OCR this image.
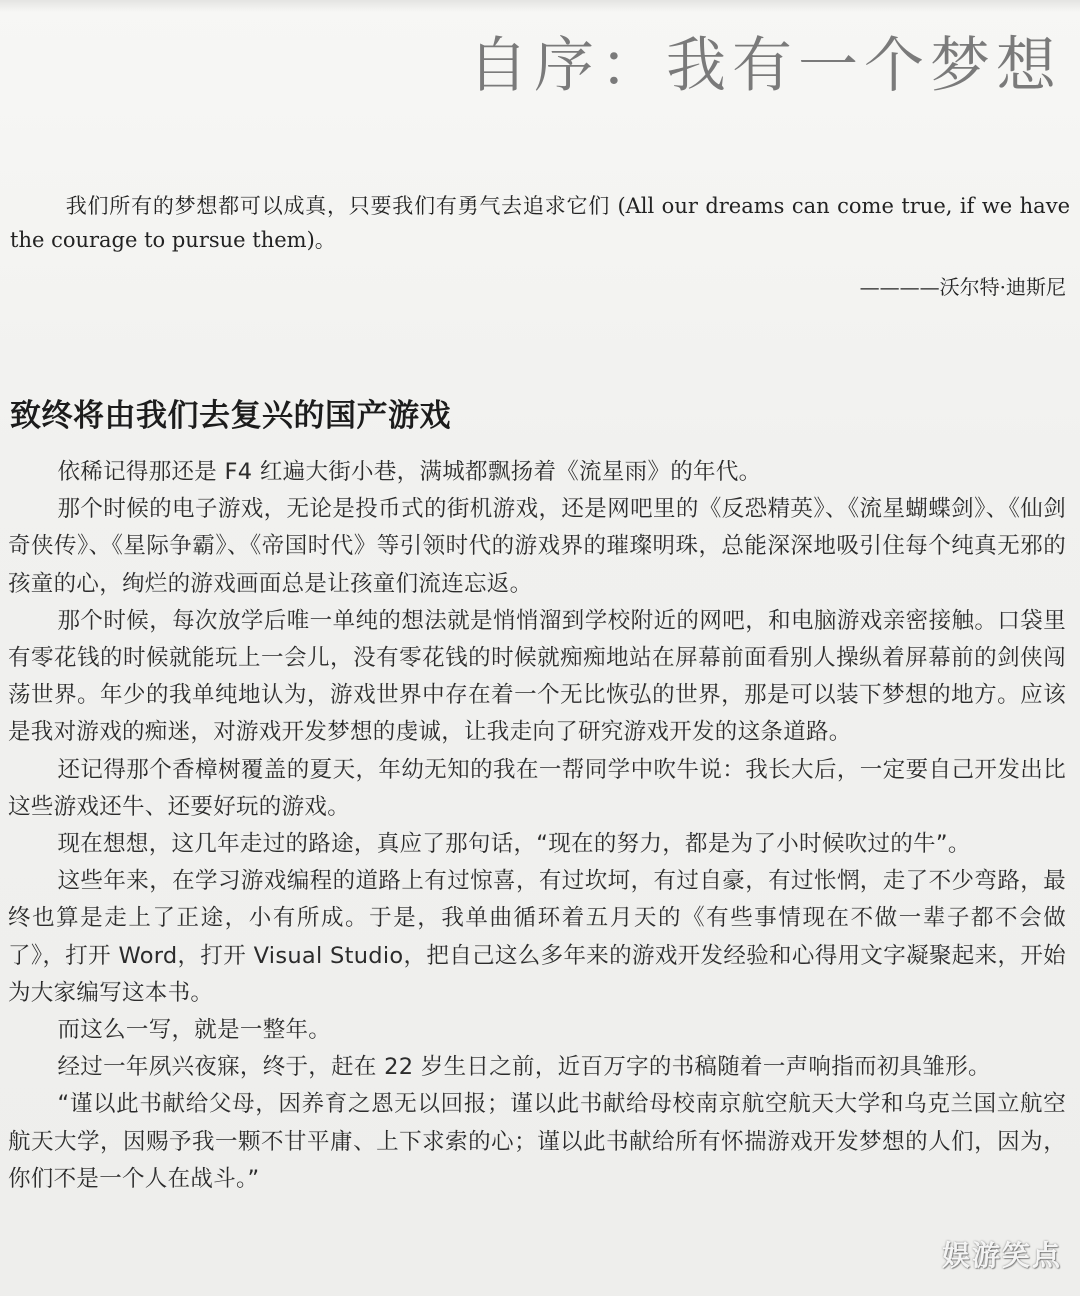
自序：我有一个梦想

我们所有的梦想都可以成真，只要我们有勇气去追求它们 (All our dreams can come true, if we have the courage to pursue them)。

————沃尔特·迪斯尼

致终将由我们去复兴的国产游戏

依稀记得那还是 F4 红遍大街小巷，满城都飘扬着《流星雨》的年代。

那个时候的电子游戏，无论是投币式的街机游戏，还是网吧里的《反恐精英》、《流星蝴蝶剑》、《仙剑奇侠传》、《星际争霸》、《帝国时代》等引领时代的游戏界的璀璨明珠，总能深深地吸引住每个纯真无邪的孩童的心，绚烂的游戏画面总是让孩童们流连忘返。

那个时候，每次放学后唯一单纯的想法就是悄悄溜到学校附近的网吧，和电脑游戏亲密接触。口袋里有零花钱的时候就能玩上一会儿，没有零花钱的时候就痴痴地站在屏幕前面看别人操纵着屏幕前的剑侠闯荡世界。年少的我单纯地认为，游戏世界中存在着一个无比恢弘的世界，那是可以装下梦想的地方。应该是我对游戏的痴迷，对游戏开发梦想的虔诚，让我走向了研究游戏开发的这条道路。

还记得那个香樟树覆盖的夏天，年幼无知的我在一帮同学中吹牛说：我长大后，一定要自己开发出比这些游戏还牛、还要好玩的游戏。

现在想想，这几年走过的路途，真应了那句话，“现在的努力，都是为了小时候吹过的牛”。

这些年来，在学习游戏编程的道路上有过惊喜，有过坎坷，有过自豪，有过怅惘，走了不少弯路，最终也算是走上了正途，小有所成。于是，我单曲循环着五月天的《有些事情现在不做一辈子都不会做了》，打开 Word，打开 Visual Studio，把自己这么多年来的游戏开发经验和心得用文字凝聚起来，开始为大家编写这本书。

而这么一写，就是一整年。

经过一年夙兴夜寐，终于，赶在 22 岁生日之前，近百万字的书稿随着一声响指而初具雏形。

“谨以此书献给父母，因养育之恩无以回报；谨以此书献给母校南京航空航天大学和乌克兰国立航空航天大学，因赐予我一颗不甘平庸、上下求索的心；谨以此书献给所有怀揣游戏开发梦想的人们，因为，你们不是一个人在战斗。”

娱游笑点
